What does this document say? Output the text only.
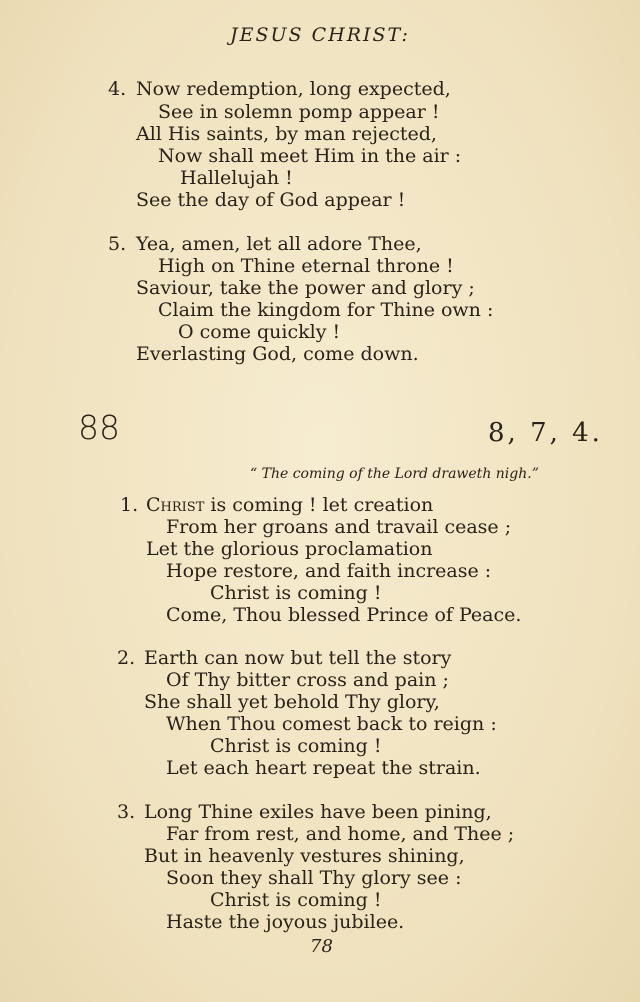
JESUS CHRIST:
4. Now redemption, long expected,
See in solemn pomp appear !
All His saints, by man rejected,
Now shall meet Him in the air :
Hallelujah !
See the day of God appear !
5. Yea, amen, let all adore Thee,
High on Thine eternal throne !
Saviour, take the power and glory ;
Claim the kingdom for Thine own :
O come quickly !
Everlasting God, come down.
88	8, 7, 4.
“ The coming of the Lord draweth nigh.”
1. Christ is coming ! let creation
From her groans and travail cease ;
Let the glorious proclamation
Hope restore, and faith increase :
Christ is coming !
Come, Thou blessed Prince of Peace.
2. Earth can now but tell the story
Of Thy bitter cross and pain ;
She shall yet behold Thy glory,
When Thou comest back to reign :
Christ is coming !
Let each heart repeat the strain.
3. Long Thine exiles have been pining,
Far from rest, and home, and Thee ;
But in heavenly vestures shining,
Soon they shall Thy glory see :
Christ is coming !
Haste the joyous jubilee.
78
